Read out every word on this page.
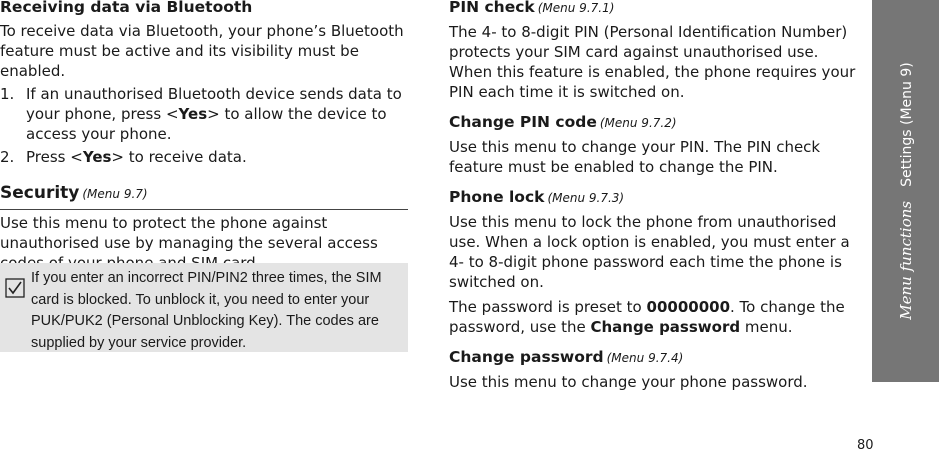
Receiving data via Bluetooth

To receive data via Bluetooth, your phone’s Bluetooth feature must be active and its visibility must be enabled.

1. If an unauthorised Bluetooth device sends data to your phone, press <Yes> to allow the device to access your phone.
2. Press <Yes> to receive data.
Security (Menu 9.7)

Use this menu to protect the phone against unauthorised use by managing the several access

If you enter an incorrect PIN/PIN2 three times, the SIM card is blocked. To unblock it, you need to enter your PUK/PUK2 (Personal Unblocking Key). The codes are supplied by your service provider.
PIN check (Menu 9.7.1)

The 4- to 8-digit PIN (Personal Identification Number) protects your SIM card against unauthorised use. When this feature is enabled, the phone requires your PIN each time it is switched on.

Change PIN code (Menu 9.7.2)

Use this menu to change your PIN. The PIN check feature must be enabled to change the PIN.

Phone lock (Menu 9.7.3)

Use this menu to lock the phone from unauthorised use. When a lock option is enabled, you must enter a 4- to 8-digit phone password each time the phone is switched on.

The password is preset to 00000000. To change the password, use the Change password menu.

Change password (Menu 9.7.4)

Use this menu to change your phone password.

Menu functionsSettings (Menu 9)
80
